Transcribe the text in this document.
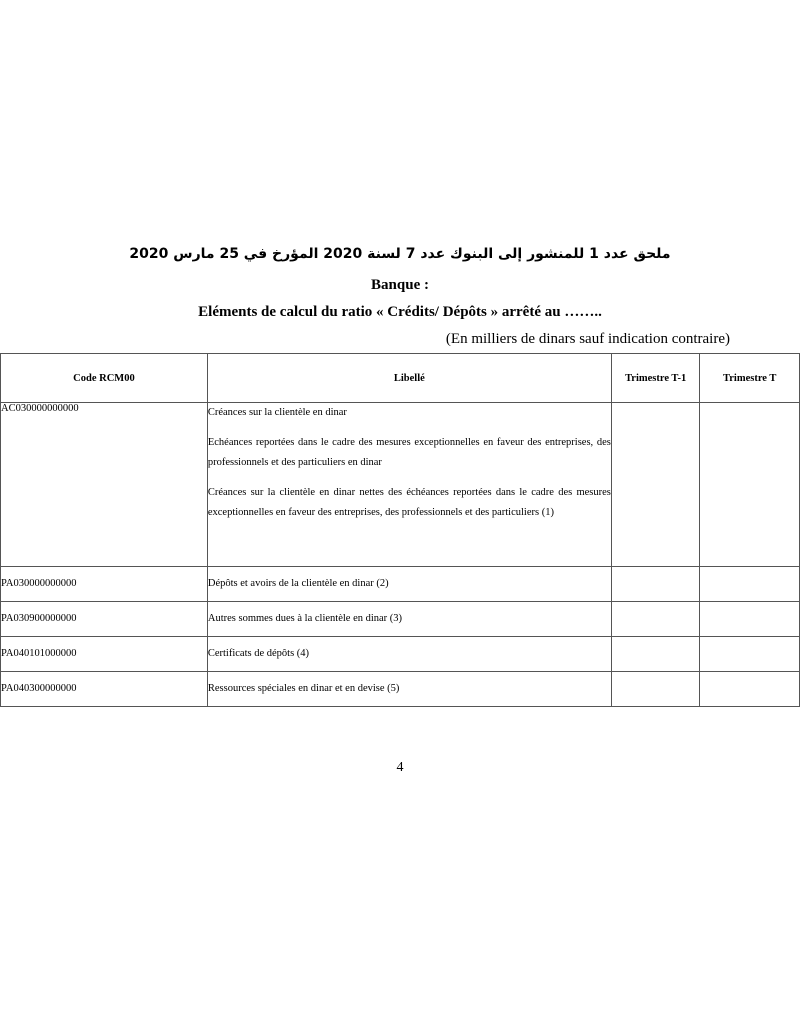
ملحق عدد 1 للمنشور إلى البنوك عدد 7 لسنة 2020 المؤرخ في 25 مارس 2020
Banque :
Eléments de calcul du ratio « Crédits/ Dépôts » arrêté au ……..
(En milliers de dinars sauf indication contraire)
Code RCM00	Libellé	Trimestre T-1	Trimestre T
AC030000000000	Créances sur la clientèle en dinar

Echéances reportées dans le cadre des mesures exceptionnelles en faveur des entreprises, des professionnels et des particuliers en dinar

Créances sur la clientèle en dinar nettes des échéances reportées dans le cadre des mesures exceptionnelles en faveur des entreprises, des professionnels et des particuliers (1)		

PA030000000000	Dépôts et avoirs de la clientèle en dinar (2)		
PA030900000000	Autres sommes dues à la clientèle en dinar (3)		
PA040101000000	Certificats de dépôts (4)		
PA040300000000	Ressources spéciales en dinar et en devise (5)		
4
